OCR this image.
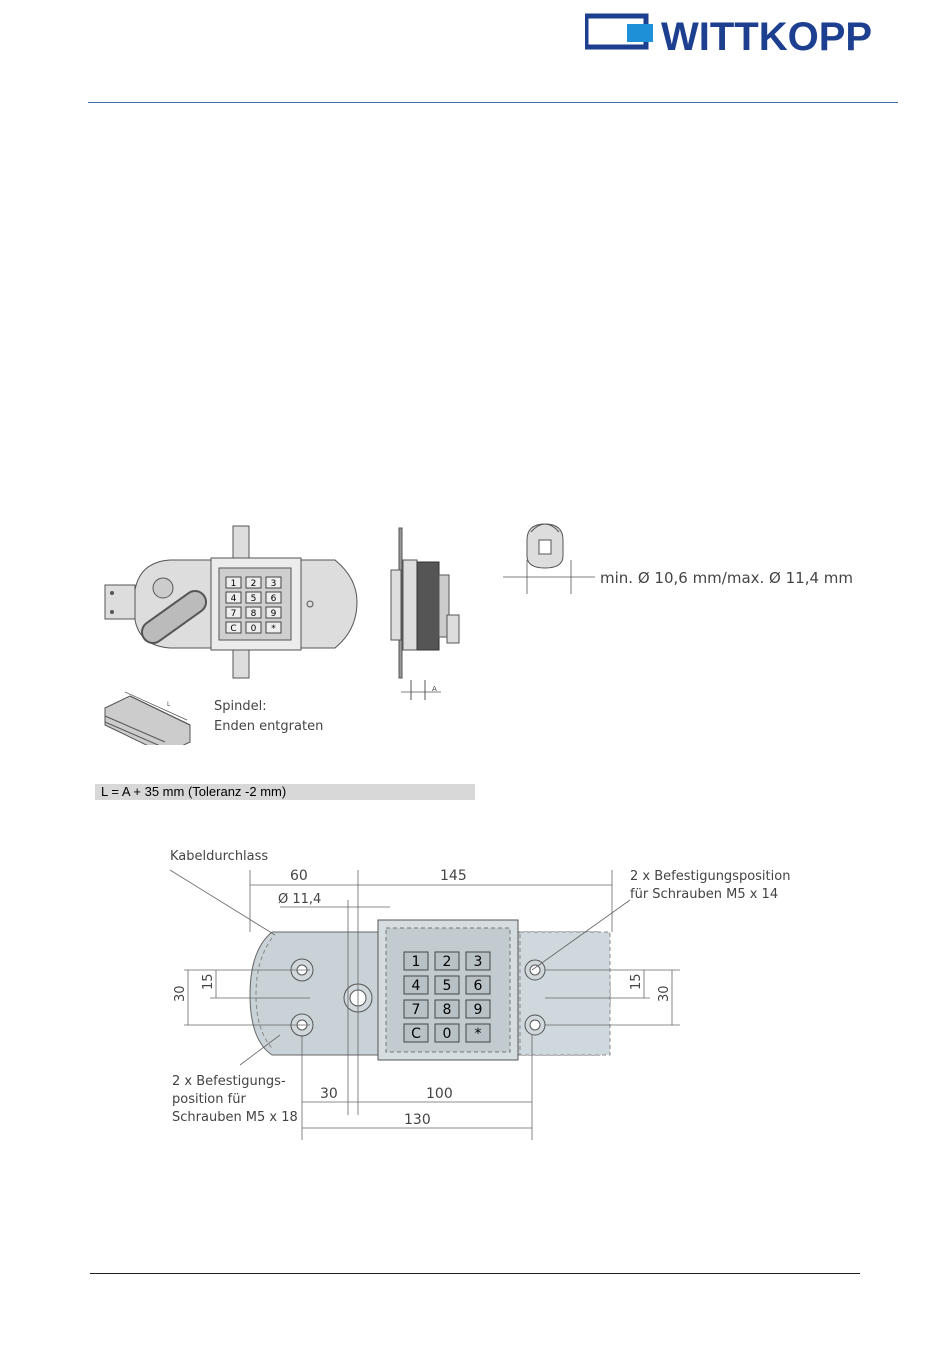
WITTKOPP
1 2 3
4 5 6
7 8 9
C 0 *
A
min. Ø 10,6 mm/max. Ø 11,4 mm
L	Spindel:
Enden entgraten
L = A + 35 mm (Toleranz -2 mm)
1 2 3
4 5 6
7 8 9
C 0 *
Kabeldurchlass
60	145
Ø 11,4
2 x Befestigungsposition
für Schrauben M5 x 14
30
15	15
30
30	100
130
2 x Befestigungs-
position für
Schrauben M5 x 18
